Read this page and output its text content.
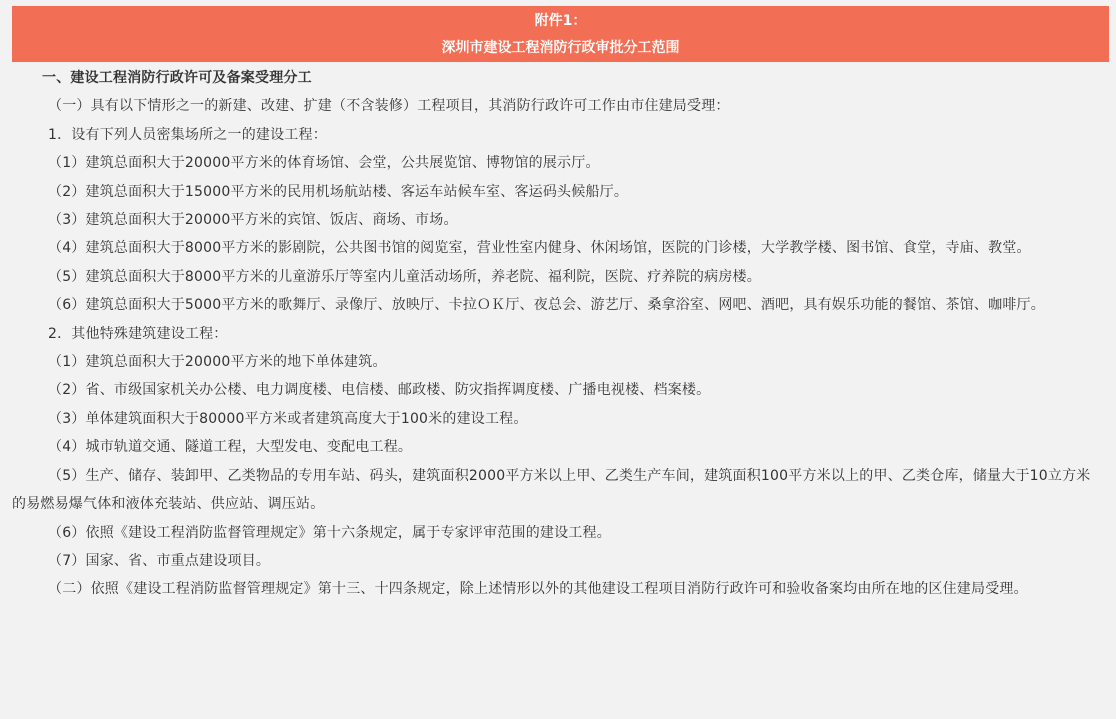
附件1：
深圳市建设工程消防行政审批分工范围

一、建设工程消防行政许可及备案受理分工

（一）具有以下情形之一的新建、改建、扩建（不含装修）工程项目，其消防行政许可工作由市住建局受理：

1．设有下列人员密集场所之一的建设工程：

（1）建筑总面积大于20000平方米的体育场馆、会堂，公共展览馆、博物馆的展示厅。

（2）建筑总面积大于15000平方米的民用机场航站楼、客运车站候车室、客运码头候船厅。

（3）建筑总面积大于20000平方米的宾馆、饭店、商场、市场。

（4）建筑总面积大于8000平方米的影剧院，公共图书馆的阅览室，营业性室内健身、休闲场馆，医院的门诊楼，大学教学楼、图书馆、食堂，寺庙、教堂。

（5）建筑总面积大于8000平方米的儿童游乐厅等室内儿童活动场所，养老院、福利院，医院、疗养院的病房楼。

（6）建筑总面积大于5000平方米的歌舞厅、录像厅、放映厅、卡拉ＯＫ厅、夜总会、游艺厅、桑拿浴室、网吧、酒吧，具有娱乐功能的餐馆、茶馆、咖啡厅。

2．其他特殊建筑建设工程：

（1）建筑总面积大于20000平方米的地下单体建筑。

（2）省、市级国家机关办公楼、电力调度楼、电信楼、邮政楼、防灾指挥调度楼、广播电视楼、档案楼。

（3）单体建筑面积大于80000平方米或者建筑高度大于100米的建设工程。

（4）城市轨道交通、隧道工程，大型发电、变配电工程。

（5）生产、储存、装卸甲、乙类物品的专用车站、码头，建筑面积2000平方米以上甲、乙类生产车间，建筑面积100平方米以上的甲、乙类仓库，储量大于10立方米的易燃易爆气体和液体充装站、供应站、调压站。

（6）依照《建设工程消防监督管理规定》第十六条规定，属于专家评审范围的建设工程。

（7）国家、省、市重点建设项目。

（二）依照《建设工程消防监督管理规定》第十三、十四条规定，除上述情形以外的其他建设工程项目消防行政许可和验收备案均由所在地的区住建局受理。
